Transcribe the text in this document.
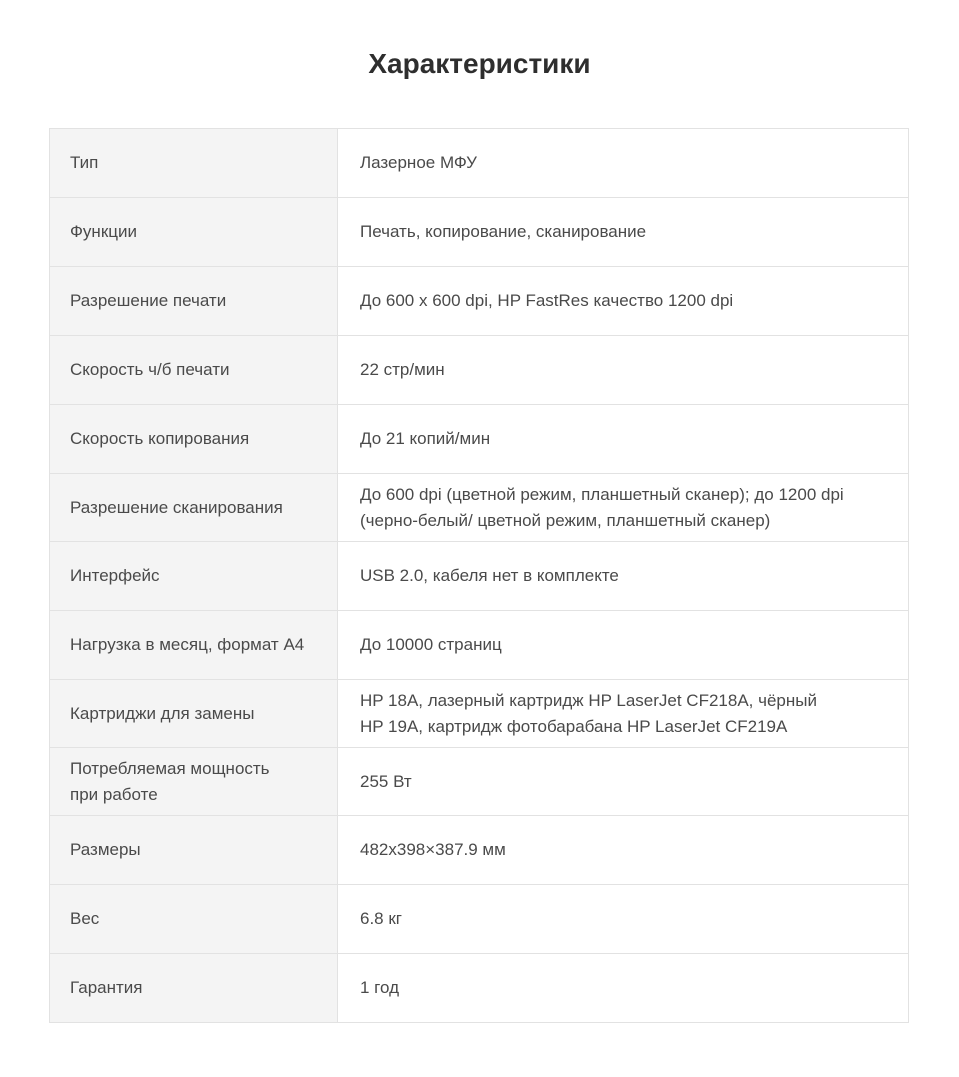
Характеристики
Тип	Лазерное МФУ
Функции	Печать, копирование, сканирование
Разрешение печати	До 600 x 600 dpi, HP FastRes качество 1200 dpi
Скорость ч/б печати	22 стр/мин
Скорость копирования	До 21 копий/мин
Разрешение сканирования	До 600 dpi (цветной режим, планшетный сканер); до 1200 dpi
(черно-белый/ цветной режим, планшетный сканер)

Интерфейс	USB 2.0, кабеля нет в комплекте
Нагрузка в месяц, формат А4	До 10000 страниц
Картриджи для замены	HP 18A, лазерный картридж HP LaserJet CF218A, чёрный
HP 19A, картридж фотобарабана HP LaserJet CF219A

Потребляемая мощность
при работе	255 Вт
Размеры	482x398×387.9 мм
Вес	6.8 кг
Гарантия	1 год
